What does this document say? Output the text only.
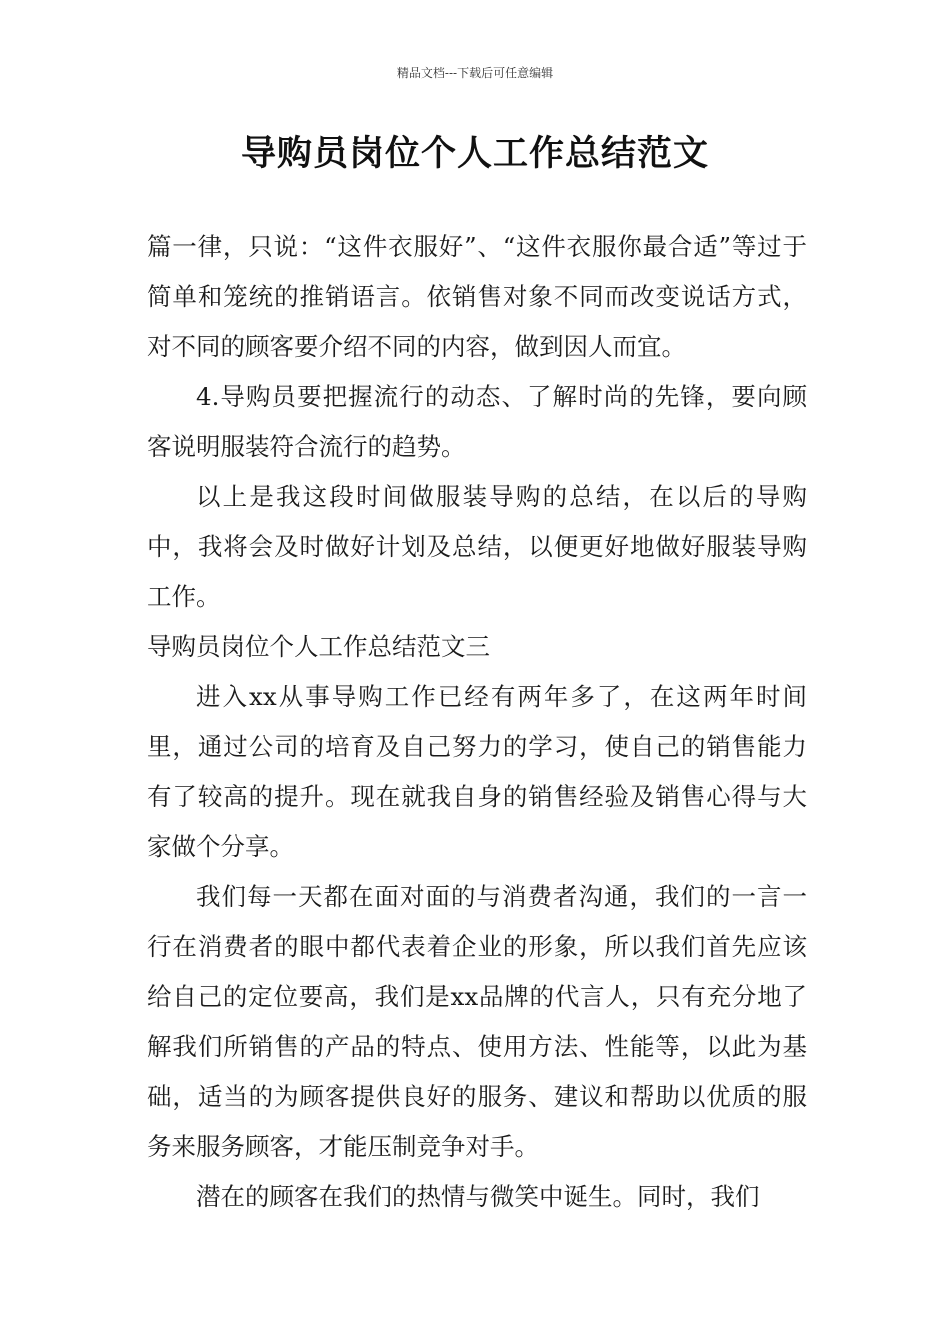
精品文档---下载后可任意编辑
导购员岗位个人工作总结范文

篇一律，只说：“这件衣服好”、“这件衣服你最合适”等过于简单和笼统的推销语言。依销售对象不同而改变说话方式，对不同的顾客要介绍不同的内容，做到因人而宜。

4.导购员要把握流行的动态、了解时尚的先锋，要向顾客说明服装符合流行的趋势。

以上是我这段时间做服装导购的总结，在以后的导购中，我将会及时做好计划及总结，以便更好地做好服装导购工作。

导购员岗位个人工作总结范文三

进入xx从事导购工作已经有两年多了，在这两年时间里，通过公司的培育及自己努力的学习，使自己的销售能力有了较高的提升。现在就我自身的销售经验及销售心得与大家做个分享。

我们每一天都在面对面的与消费者沟通，我们的一言一行在消费者的眼中都代表着企业的形象，所以我们首先应该给自己的定位要高，我们是xx品牌的代言人，只有充分地了解我们所销售的产品的特点、使用方法、性能等，以此为基础，适当的为顾客提供良好的服务、建议和帮助以优质的服务来服务顾客，才能压制竞争对手。

潜在的顾客在我们的热情与微笑中诞生。同时，我们
